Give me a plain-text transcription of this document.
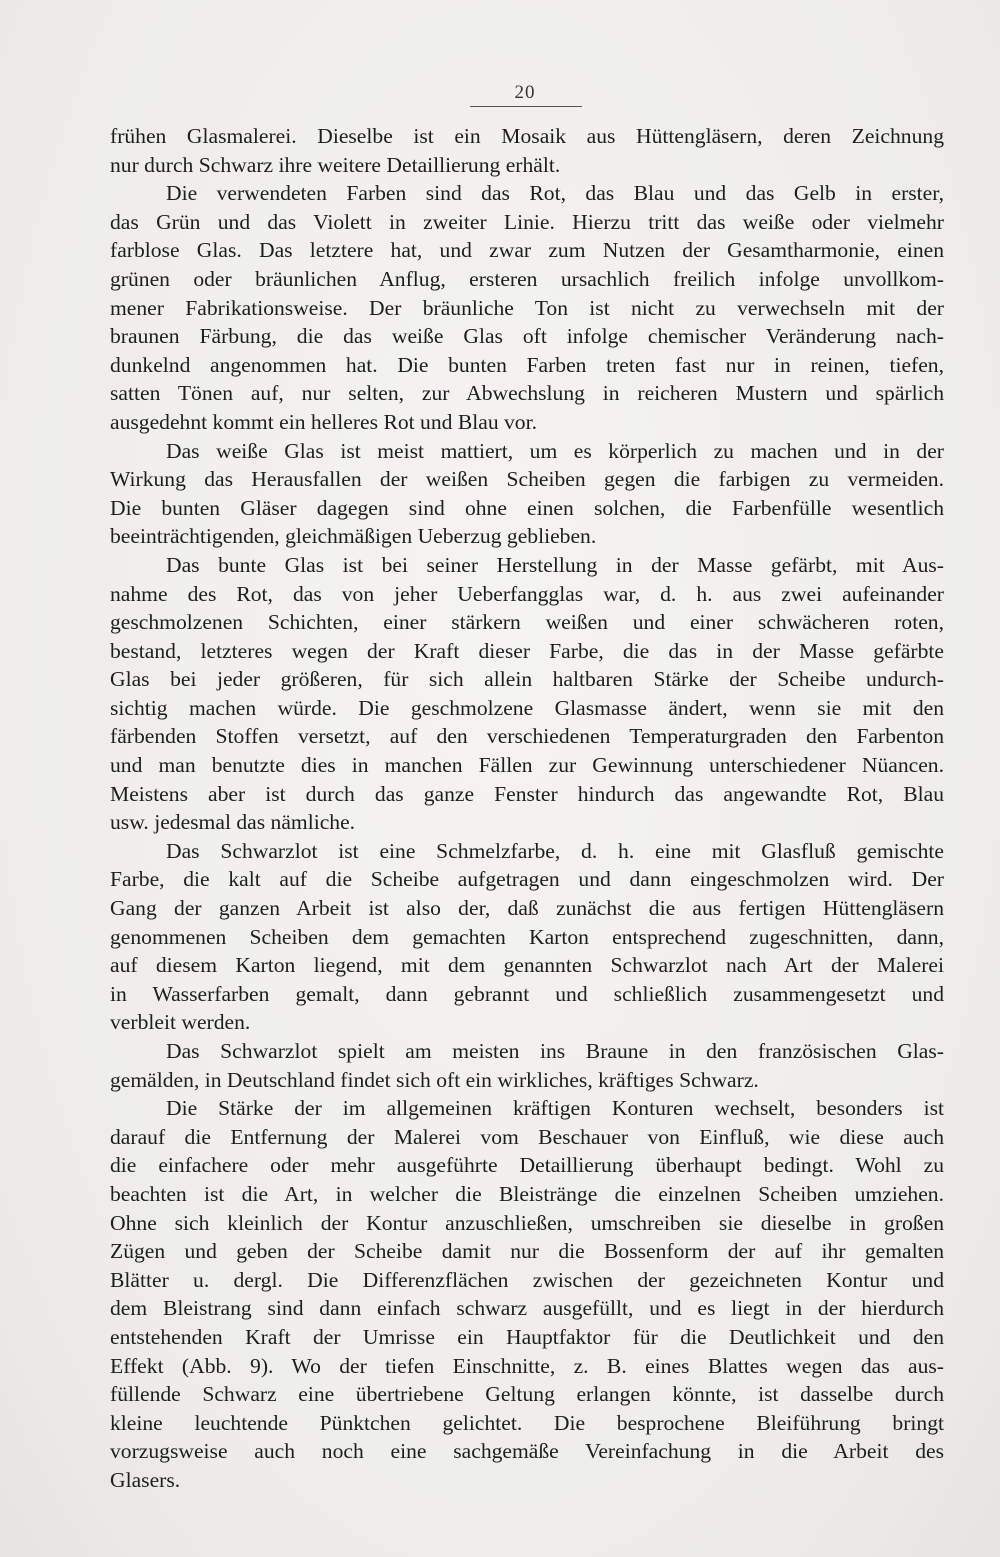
20

frühen Glasmalerei. Dieselbe ist ein Mosaik aus Hüttengläsern, deren Zeichnung
nur durch Schwarz ihre weitere Detaillierung erhält.

Die verwendeten Farben sind das Rot, das Blau und das Gelb in erster,
das Grün und das Violett in zweiter Linie. Hierzu tritt das weiße oder vielmehr
farblose Glas. Das letztere hat, und zwar zum Nutzen der Gesamtharmonie, einen
grünen oder bräunlichen Anflug, ersteren ursachlich freilich infolge unvollkom-
mener Fabrikationsweise. Der bräunliche Ton ist nicht zu verwechseln mit der
braunen Färbung, die das weiße Glas oft infolge chemischer Veränderung nach-
dunkelnd angenommen hat. Die bunten Farben treten fast nur in reinen, tiefen,
satten Tönen auf, nur selten, zur Abwechslung in reicheren Mustern und spärlich
ausgedehnt kommt ein helleres Rot und Blau vor.

Das weiße Glas ist meist mattiert, um es körperlich zu machen und in der
Wirkung das Herausfallen der weißen Scheiben gegen die farbigen zu vermeiden.
Die bunten Gläser dagegen sind ohne einen solchen, die Farbenfülle wesentlich
beeinträchtigenden, gleichmäßigen Ueberzug geblieben.

Das bunte Glas ist bei seiner Herstellung in der Masse gefärbt, mit Aus-
nahme des Rot, das von jeher Ueberfangglas war, d. h. aus zwei aufeinander
geschmolzenen Schichten, einer stärkern weißen und einer schwächeren roten,
bestand, letzteres wegen der Kraft dieser Farbe, die das in der Masse gefärbte
Glas bei jeder größeren, für sich allein haltbaren Stärke der Scheibe undurch-
sichtig machen würde. Die geschmolzene Glasmasse ändert, wenn sie mit den
färbenden Stoffen versetzt, auf den verschiedenen Temperaturgraden den Farbenton
und man benutzte dies in manchen Fällen zur Gewinnung unterschiedener Nüancen.
Meistens aber ist durch das ganze Fenster hindurch das angewandte Rot, Blau
usw. jedesmal das nämliche.

Das Schwarzlot ist eine Schmelzfarbe, d. h. eine mit Glasfluß gemischte
Farbe, die kalt auf die Scheibe aufgetragen und dann eingeschmolzen wird. Der
Gang der ganzen Arbeit ist also der, daß zunächst die aus fertigen Hüttengläsern
genommenen Scheiben dem gemachten Karton entsprechend zugeschnitten, dann,
auf diesem Karton liegend, mit dem genannten Schwarzlot nach Art der Malerei
in Wasserfarben gemalt, dann gebrannt und schließlich zusammengesetzt und
verbleit werden.

Das Schwarzlot spielt am meisten ins Braune in den französischen Glas-
gemälden, in Deutschland findet sich oft ein wirkliches, kräftiges Schwarz.

Die Stärke der im allgemeinen kräftigen Konturen wechselt, besonders ist
darauf die Entfernung der Malerei vom Beschauer von Einfluß, wie diese auch
die einfachere oder mehr ausgeführte Detaillierung überhaupt bedingt. Wohl zu
beachten ist die Art, in welcher die Bleistränge die einzelnen Scheiben umziehen.
Ohne sich kleinlich der Kontur anzuschließen, umschreiben sie dieselbe in großen
Zügen und geben der Scheibe damit nur die Bossenform der auf ihr gemalten
Blätter u. dergl. Die Differenzflächen zwischen der gezeichneten Kontur und
dem Bleistrang sind dann einfach schwarz ausgefüllt, und es liegt in der hierdurch
entstehenden Kraft der Umrisse ein Hauptfaktor für die Deutlichkeit und den
Effekt (Abb. 9). Wo der tiefen Einschnitte, z. B. eines Blattes wegen das aus-
füllende Schwarz eine übertriebene Geltung erlangen könnte, ist dasselbe durch
kleine leuchtende Pünktchen gelichtet. Die besprochene Bleiführung bringt
vorzugsweise auch noch eine sachgemäße Vereinfachung in die Arbeit des
Glasers.
